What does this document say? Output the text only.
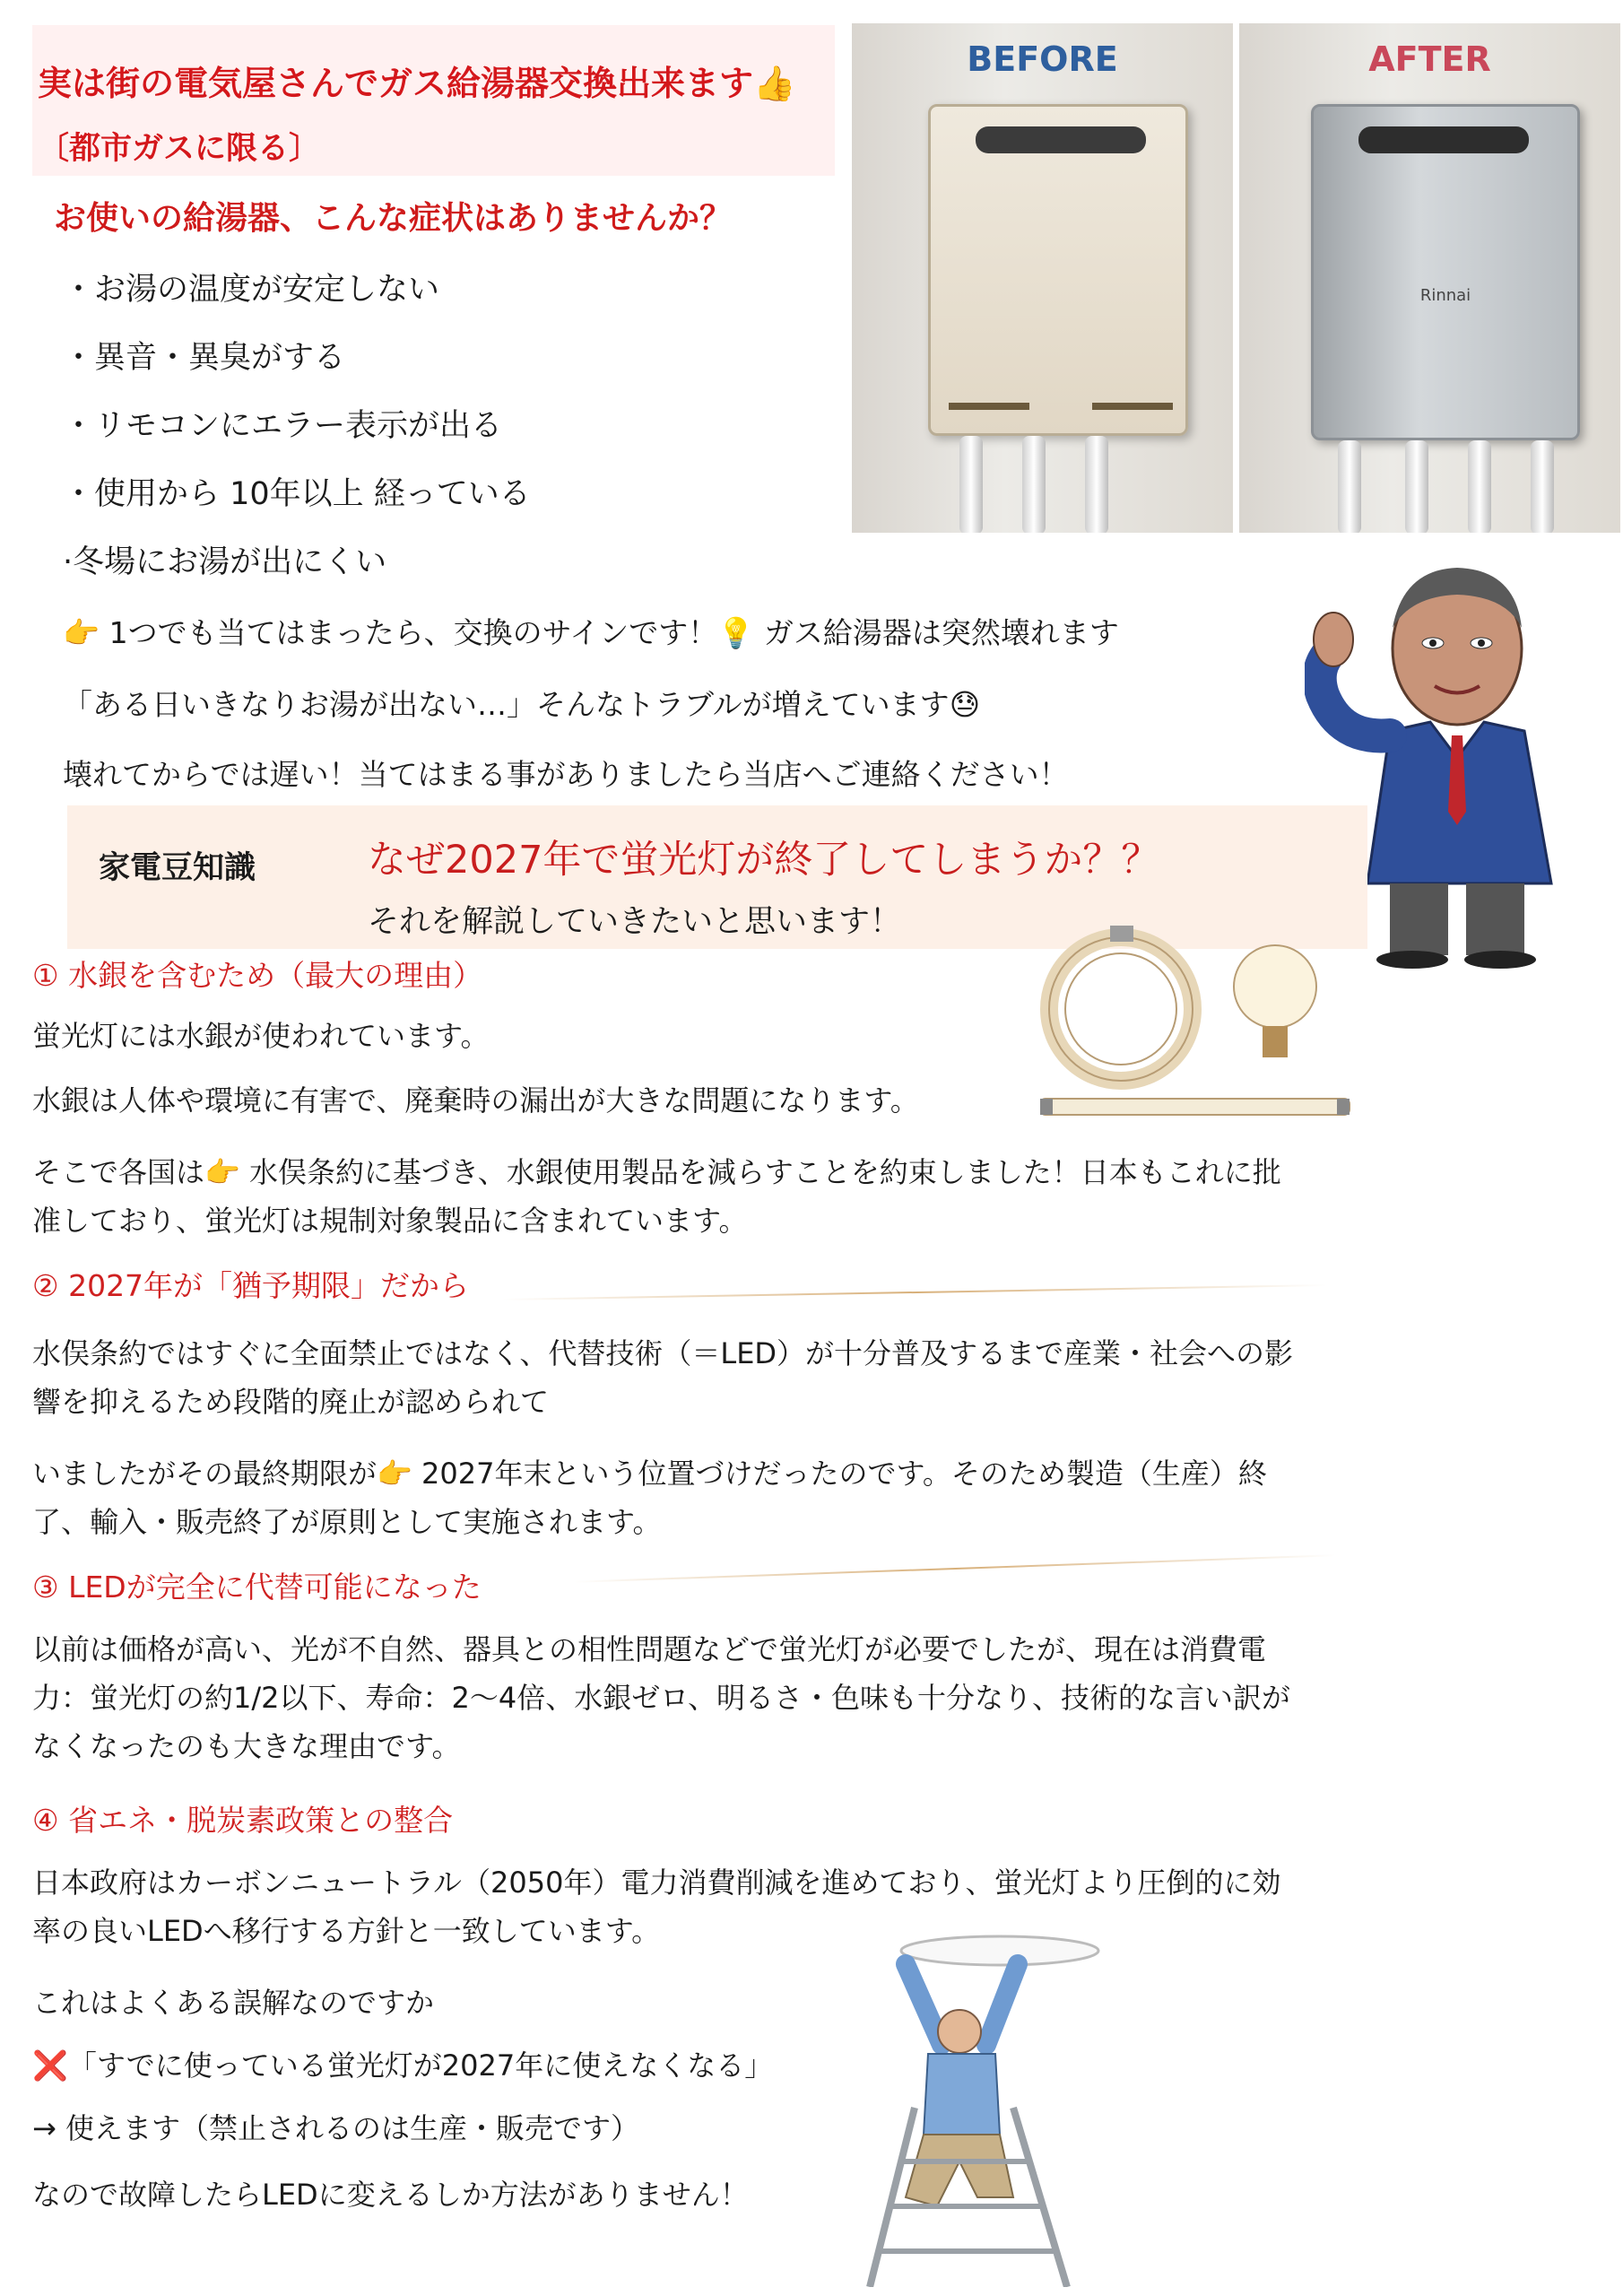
実は街の電気屋さんでガス給湯器交換出来ます👍
〔都市ガスに限る〕
お使いの給湯器、こんな症状はありませんか？
・お湯の温度が安定しない
・異音・異臭がする
・リモコンにエラー表示が出る
・使用から 10年以上 経っている
·冬場にお湯が出にくい
👉 1つでも当てはまったら、交換のサインです！💡 ガス給湯器は突然壊れます
「ある日いきなりお湯が出ない…」そんなトラブルが増えています😓
壊れてからでは遅い！当てはまる事がありましたら当店へご連絡ください！
BEFORE	AFTER
Rinnai
家電豆知識	なぜ2027年で蛍光灯が終了してしまうか？？
それを解説していきたいと思います！
① 水銀を含むため（最大の理由）
蛍光灯には水銀が使われています。
水銀は人体や環境に有害で、廃棄時の漏出が大きな問題になります。
そこで各国は👉 水俣条約に基づき、水銀使用製品を減らすことを約束しました！日本もこれに批
准しており、蛍光灯は規制対象製品に含まれています。
② 2027年が「猶予期限」だから
水俣条約ではすぐに全面禁止ではなく、代替技術（＝LED）が十分普及するまで産業・社会への影
響を抑えるため段階的廃止が認められて
いましたがその最終期限が👉 2027年末という位置づけだったのです。そのため製造（生産）終
了、輸入・販売終了が原則として実施されます。
③ LEDが完全に代替可能になった
以前は価格が高い、光が不自然、器具との相性問題などで蛍光灯が必要でしたが、現在は消費電
力：蛍光灯の約1/2以下、寿命：2〜4倍、水銀ゼロ、明るさ・色味も十分なり、技術的な言い訳が
なくなったのも大きな理由です。
④ 省エネ・脱炭素政策との整合
日本政府はカーボンニュートラル（2050年）電力消費削減を進めており、蛍光灯より圧倒的に効
率の良いLEDへ移行する方針と一致しています。
これはよくある誤解なのですか
❌「すでに使っている蛍光灯が2027年に使えなくなる」
→ 使えます（禁止されるのは生産・販売です）
なので故障したらLEDに変えるしか方法がありません！
